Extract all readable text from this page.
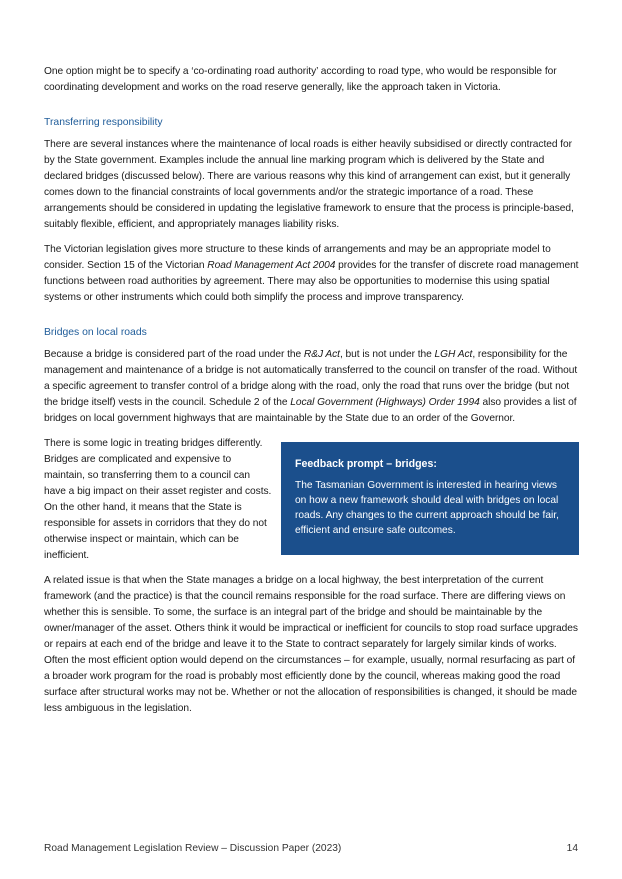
One option might be to specify a ‘co-ordinating road authority’ according to road type, who would be responsible for coordinating development and works on the road reserve generally, like the approach taken in Victoria.

Transferring responsibility

There are several instances where the maintenance of local roads is either heavily subsidised or directly contracted for by the State government. Examples include the annual line marking program which is delivered by the State and declared bridges (discussed below). There are various reasons why this kind of arrangement can exist, but it generally comes down to the financial constraints of local governments and/or the strategic importance of a road. These arrangements should be considered in updating the legislative framework to ensure that the process is principle-based, suitably flexible, efficient, and appropriately manages liability risks.

The Victorian legislation gives more structure to these kinds of arrangements and may be an appropriate model to consider. Section 15 of the Victorian Road Management Act 2004 provides for the transfer of discrete road management functions between road authorities by agreement. There may also be opportunities to modernise this using spatial systems or other instruments which could both simplify the process and improve transparency.

Bridges on local roads

Because a bridge is considered part of the road under the R&J Act, but is not under the LGH Act, responsibility for the management and maintenance of a bridge is not automatically transferred to the council on transfer of the road. Without a specific agreement to transfer control of a bridge along with the road, only the road that runs over the bridge (but not the bridge itself) vests in the council. Schedule 2 of the Local Government (Highways) Order 1994 also provides a list of bridges on local government highways that are maintainable by the State due to an order of the Governor.

There is some logic in treating bridges differently. Bridges are complicated and expensive to maintain, so transferring them to a council can have a big impact on their asset register and costs. On the other hand, it means that the State is responsible for assets in corridors that they do not otherwise inspect or maintain, which can be inefficient.

Feedback prompt – bridges:
The Tasmanian Government is interested in hearing views on how a new framework should deal with bridges on local roads. Any changes to the current approach should be fair, efficient and ensure safe outcomes.

A related issue is that when the State manages a bridge on a local highway, the best interpretation of the current framework (and the practice) is that the council remains responsible for the road surface. There are differing views on whether this is sensible. To some, the surface is an integral part of the bridge and should be maintainable by the owner/manager of the asset. Others think it would be impractical or inefficient for councils to stop road surface upgrades or repairs at each end of the bridge and leave it to the State to contract separately for largely similar kinds of works. Often the most efficient option would depend on the circumstances – for example, usually, normal resurfacing as part of a broader work program for the road is probably most efficiently done by the council, whereas making good the road surface after structural works may not be. Whether or not the allocation of responsibilities is changed, it should be made less ambiguous in the legislation.

Road Management Legislation Review – Discussion Paper (2023)	14
